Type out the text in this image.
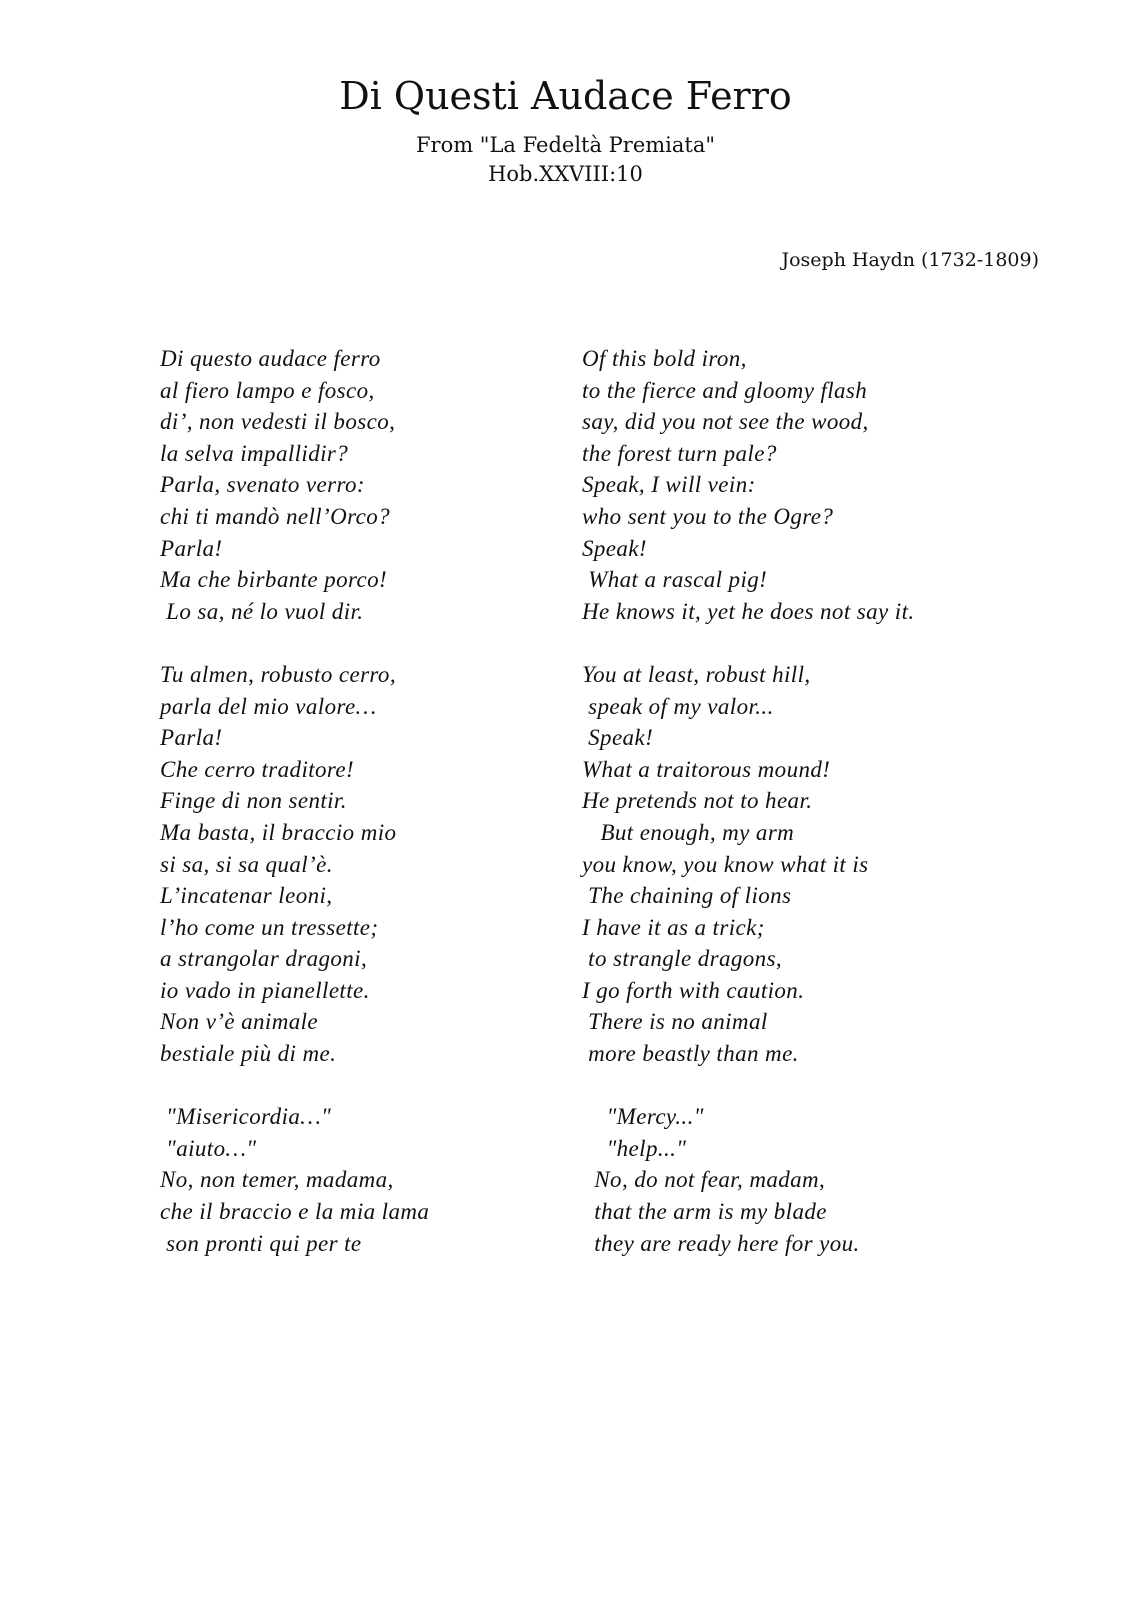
Di Questi Audace Ferro
From "La Fedeltà Premiata"
Hob.XXVIII:10
Joseph Haydn (1732-1809)
Di questo audace ferro
al fiero lampo e fosco,
di’, non vedesti il bosco,
la selva impallidir?
Parla, svenato verro:
chi ti mandò nell’Orco?
Parla!
Ma che birbante porco!
Lo sa, né lo vuol dir.
Tu almen, robusto cerro,
parla del mio valore…
Parla!
Che cerro traditore!
Finge di non sentir.
Ma basta, il braccio mio
si sa, si sa qual’è.
L’incatenar leoni,
l’ho come un tressette;
a strangolar dragoni,
io vado in pianellette.
Non v’è animale
bestiale più di me.
"Misericordia…"
"aiuto…"
No, non temer, madama,
che il braccio e la mia lama
son pronti qui per te
Of this bold iron,
to the fierce and gloomy flash
say, did you not see the wood,
the forest turn pale?
Speak, I will vein:
who sent you to the Ogre?
Speak!
What a rascal pig!
He knows it, yet he does not say it.
You at least, robust hill,
speak of my valor...
Speak!
What a traitorous mound!
He pretends not to hear.
But enough, my arm
you know, you know what it is
The chaining of lions
I have it as a trick;
to strangle dragons,
I go forth with caution.
There is no animal
more beastly than me.
"Mercy..."
"help..."
No, do not fear, madam,
that the arm is my blade
they are ready here for you.
